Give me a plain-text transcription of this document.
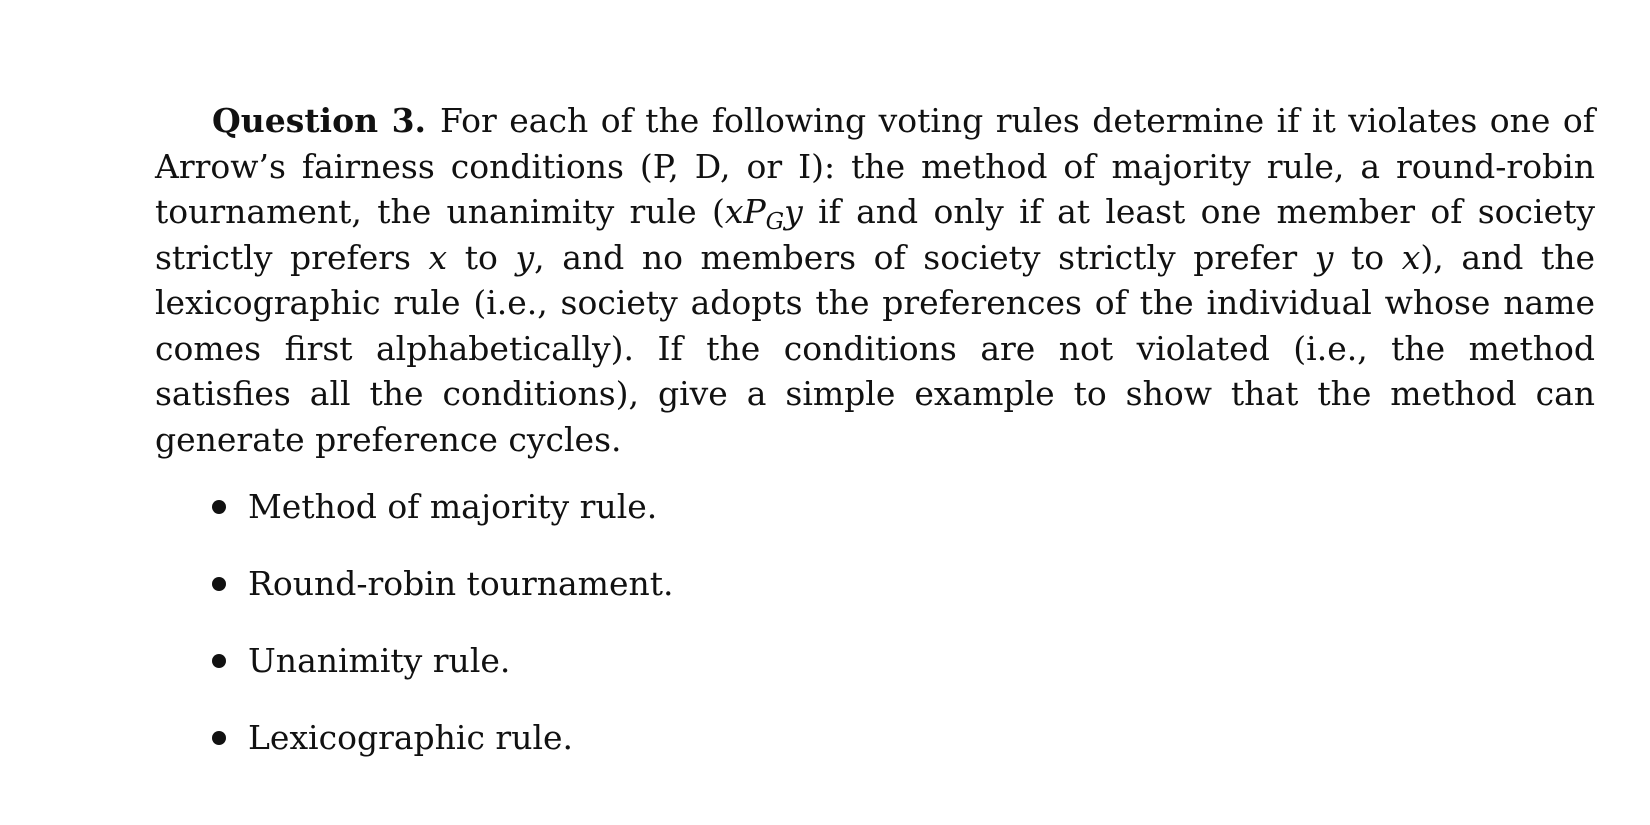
Question 3. For each of the following voting rules determine if it violates one of Arrow’s fairness conditions (P, D, or I): the method of majority rule, a round-robin tournament, the unanimity rule ($xP_Gy$ if and only if at least one member of society strictly prefers x to y, and no members of society strictly prefer y to x), and the lexicographic rule (i.e., society adopts the preferences of the individual whose name comes first alphabetically). If the conditions are not violated (i.e., the method satisfies all the conditions), give a simple example to show that the method can generate preference cycles.

Method of majority rule.
Round-robin tournament.
Unanimity rule.
Lexicographic rule.
